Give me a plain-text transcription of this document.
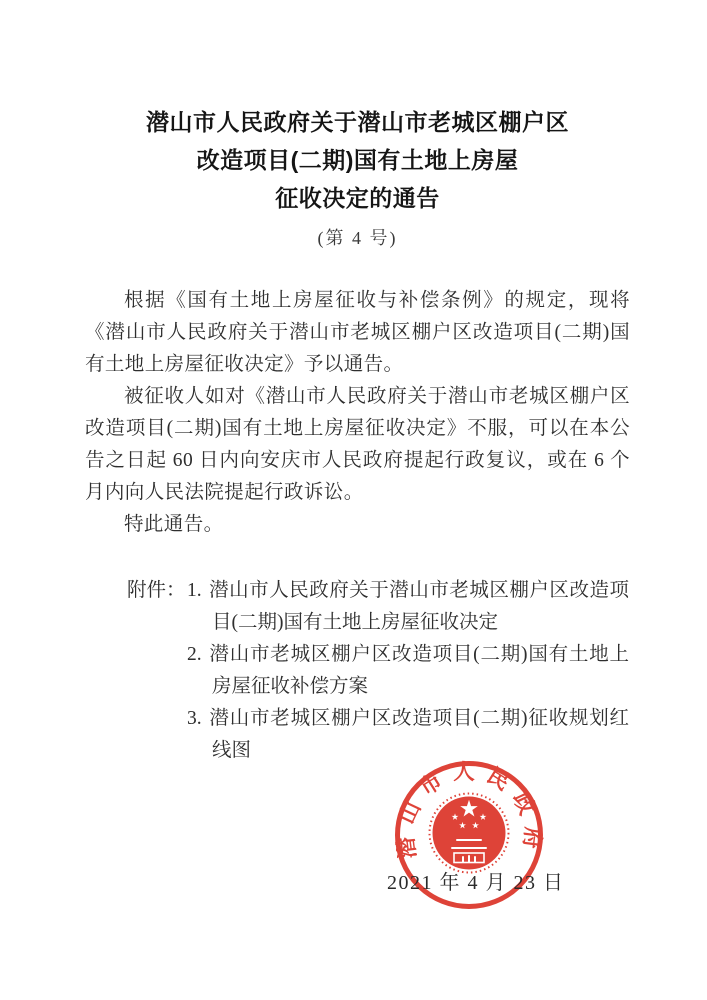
潜山市人民政府关于潜山市老城区棚户区
改造项目(二期)国有土地上房屋
征收决定的通告
(第 4 号)

根据《国有土地上房屋征收与补偿条例》的规定，现将《潜山市人民政府关于潜山市老城区棚户区改造项目(二期)国有土地上房屋征收决定》予以通告。

被征收人如对《潜山市人民政府关于潜山市老城区棚户区改造项目(二期)国有土地上房屋征收决定》不服，可以在本公告之日起 60 日内向安庆市人民政府提起行政复议，或在 6 个月内向人民法院提起行政诉讼。

特此通告。

附件： 1. 潜山市人民政府关于潜山市老城区棚户区改造项目(二期)国有土地上房屋征收决定
2. 潜山市老城区棚户区改造项目(二期)国有土地上房屋征收补偿方案
3. 潜山市老城区棚户区改造项目(二期)征收规划红线图
2021 年 4 月 23 日
潜山市人民政府
